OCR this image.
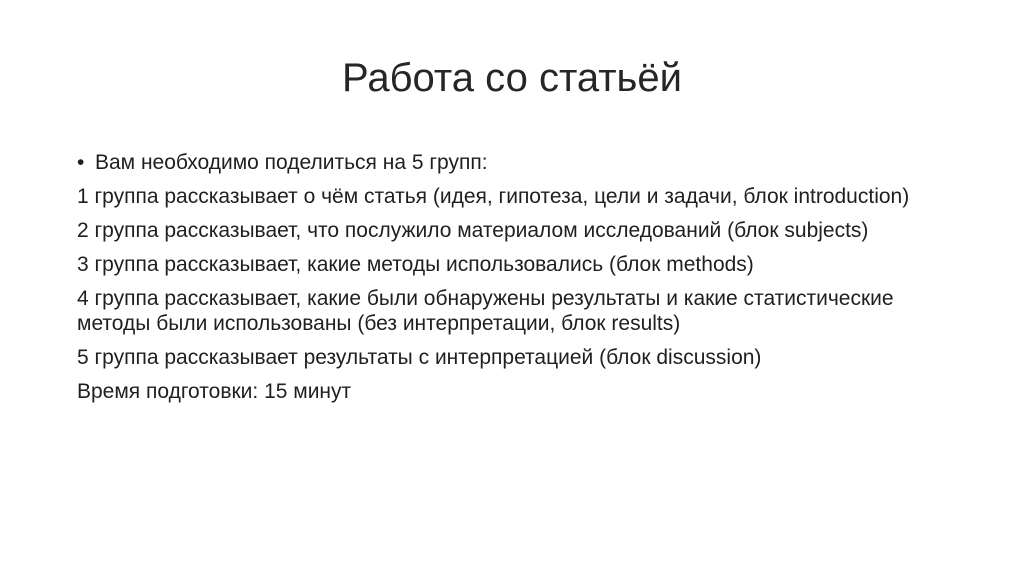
Работа со статьёй
• Вам необходимо поделиться на 5 групп:
1 группа рассказывает о чём статья (идея, гипотеза, цели и задачи, блок introduction)
2 группа рассказывает, что послужило материалом исследований (блок subjects)
3 группа рассказывает, какие методы использовались (блок methods)
4 группа рассказывает, какие были обнаружены результаты и какие статистические методы были использованы (без интерпретации, блок results)
5 группа рассказывает результаты с интерпретацией (блок discussion)
Время подготовки: 15 минут
